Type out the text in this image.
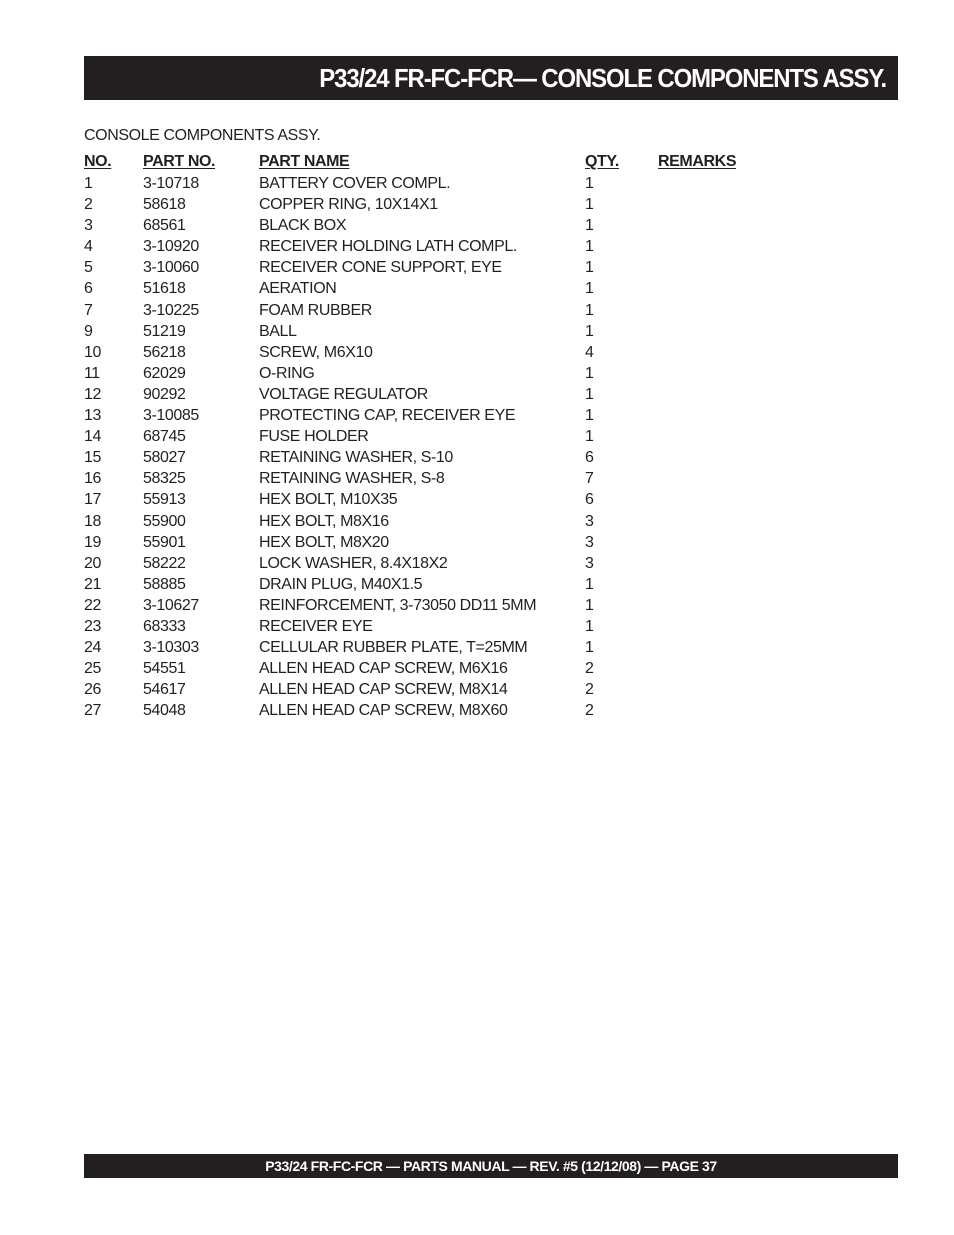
P33/24 FR-FC-FCR— CONSOLE COMPONENTS ASSY.
CONSOLE COMPONENTS ASSY.
NO. PART NO.	PART NAME	QTY. REMARKS
1	3-10718	BATTERY COVER COMPL.	1
2	58618	COPPER RING, 10X14X1	1
3	68561	BLACK BOX	1
4	3-10920	RECEIVER HOLDING LATH COMPL.	1
5	3-10060	RECEIVER CONE SUPPORT, EYE	1
6	51618	AERATION	1
7	3-10225	FOAM RUBBER	1
9	51219	BALL	1
10	56218	SCREW, M6X10	4
11	62029	O-RING	1
12	90292	VOLTAGE REGULATOR	1
13	3-10085	PROTECTING CAP, RECEIVER EYE	1
14	68745	FUSE HOLDER	1
15	58027	RETAINING WASHER, S-10	6
16	58325	RETAINING WASHER, S-8	7
17	55913	HEX BOLT, M10X35	6
18	55900	HEX BOLT, M8X16	3
19	55901	HEX BOLT, M8X20	3
20	58222	LOCK WASHER, 8.4X18X2	3
21	58885	DRAIN PLUG, M40X1.5	1
22	3-10627	REINFORCEMENT, 3-73050 DD11 5MM	1
23	68333	RECEIVER EYE	1
24	3-10303	CELLULAR RUBBER PLATE, T=25MM	1
25	54551	ALLEN HEAD CAP SCREW, M6X16	2
26	54617	ALLEN HEAD CAP SCREW, M8X14	2
27	54048	ALLEN HEAD CAP SCREW, M8X60	2
P33/24 FR-FC-FCR — PARTS MANUAL — REV. #5 (12/12/08) — PAGE 37
